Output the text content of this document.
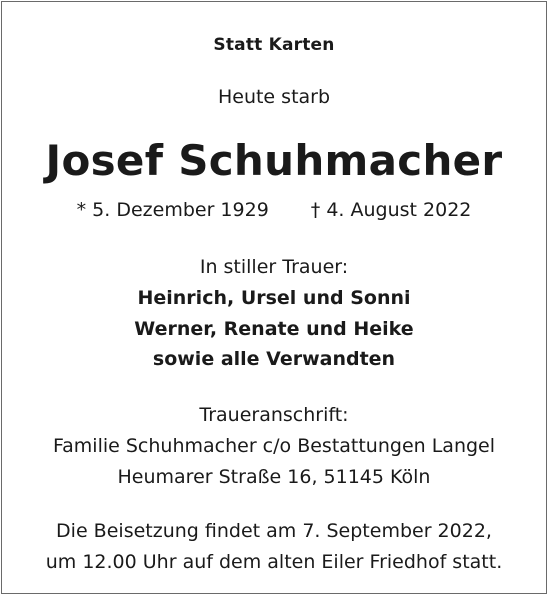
Statt Karten
Heute starb
Josef Schuhmacher
* 5. Dezember 1929 † 4. August 2022
In stiller Trauer:
Heinrich, Ursel und Sonni
Werner, Renate und Heike
sowie alle Verwandten
Traueranschrift:
Familie Schuhmacher c/o Bestattungen Langel
Heumarer Straße 16, 51145 Köln
Die Beisetzung findet am 7. September 2022,
um 12.00 Uhr auf dem alten Eiler Friedhof statt.
